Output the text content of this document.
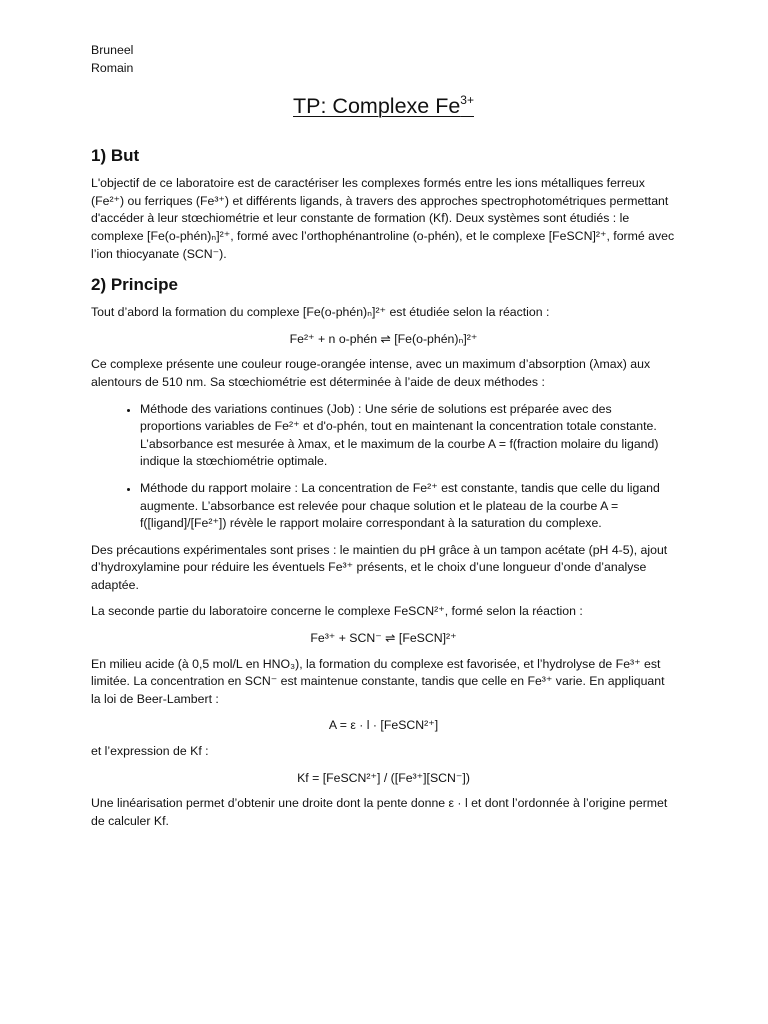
Bruneel

Romain

TP: Complexe $Fe^{3+}$
1) But

L'objectif de ce laboratoire est de caractériser les complexes formés entre les ions métalliques ferreux (Fe²⁺) ou ferriques (Fe³⁺) et différents ligands, à travers des approches spectrophotométriques permettant d'accéder à leur stœchiométrie et leur constante de formation (Kf). Deux systèmes sont étudiés : le complexe [Fe(o-phén)ₙ]²⁺, formé avec l’orthophénantroline (o-phén), et le complexe [FeSCN]²⁺, formé avec l’ion thiocyanate (SCN⁻).

2) Principe

Tout d’abord la formation du complexe [Fe(o-phén)ₙ]²⁺ est étudiée selon la réaction :

Fe²⁺ + n o-phén ⇌ [Fe(o-phén)ₙ]²⁺

Ce complexe présente une couleur rouge-orangée intense, avec un maximum d’absorption (λmax) aux alentours de 510 nm. Sa stœchiométrie est déterminée à l’aide de deux méthodes :

• Méthode des variations continues (Job) : Une série de solutions est préparée avec des proportions variables de Fe²⁺ et d'o-phén, tout en maintenant la concentration totale constante. L’absorbance est mesurée à λmax, et le maximum de la courbe A = f(fraction molaire du ligand) indique la stœchiométrie optimale.
• Méthode du rapport molaire : La concentration de Fe²⁺ est constante, tandis que celle du ligand augmente. L’absorbance est relevée pour chaque solution et le plateau de la courbe A = f([ligand]/[Fe²⁺]) révèle le rapport molaire correspondant à la saturation du complexe.

Des précautions expérimentales sont prises : le maintien du pH grâce à un tampon acétate (pH 4-5), ajout d’hydroxylamine pour réduire les éventuels Fe³⁺ présents, et le choix d’une longueur d’onde d’analyse adaptée.

La seconde partie du laboratoire concerne le complexe FeSCN²⁺, formé selon la réaction :

Fe³⁺ + SCN⁻ ⇌ [FeSCN]²⁺

En milieu acide (à 0,5 mol/L en HNO₃), la formation du complexe est favorisée, et l’hydrolyse de Fe³⁺ est limitée. La concentration en SCN⁻ est maintenue constante, tandis que celle en Fe³⁺ varie. En appliquant la loi de Beer-Lambert :

A = ε · l · [FeSCN²⁺]

et l’expression de Kf :

Kf = [FeSCN²⁺] / ([Fe³⁺][SCN⁻])

Une linéarisation permet d’obtenir une droite dont la pente donne ε · l et dont l’ordonnée à l’origine permet de calculer Kf.
